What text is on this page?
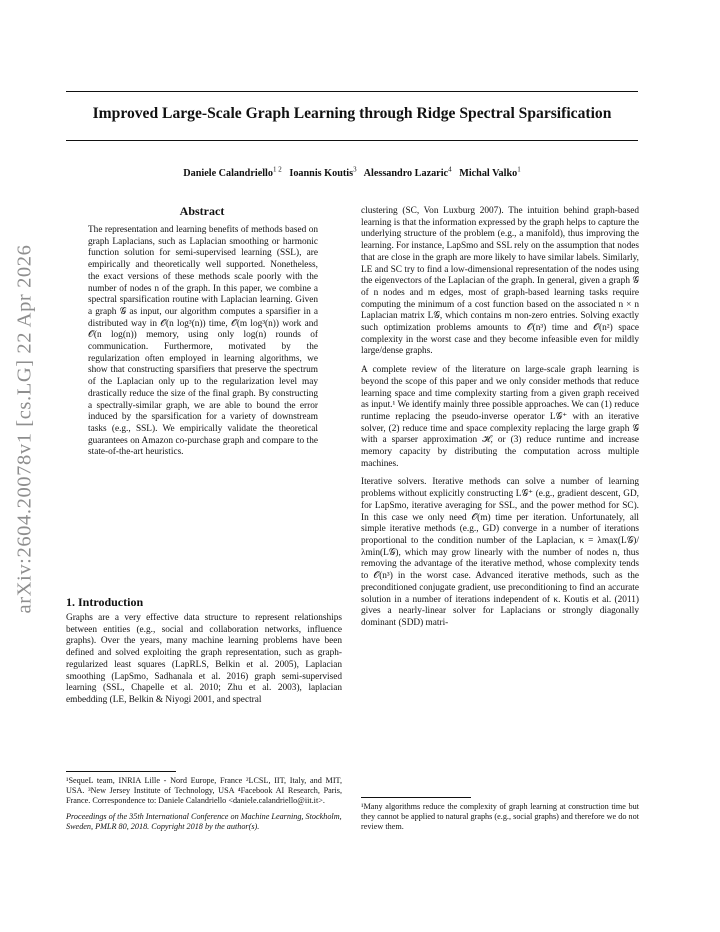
Improved Large-Scale Graph Learning through Ridge Spectral Sparsification
Daniele Calandriello$^{1 2}$ Ioannis Koutis$^3$ Alessandro Lazaric$^4$ Michal Valko$^1$
arXiv:2604.20078v1 [cs.LG] 22 Apr 2026
Abstract
The representation and learning benefits of methods based on graph Laplacians, such as Laplacian smoothing or harmonic function solution for semi-supervised learning (SSL), are empirically and theoretically well supported. Nonetheless, the exact versions of these methods scale poorly with the number of nodes n of the graph. In this paper, we combine a spectral sparsification routine with Laplacian learning. Given a graph 𝒢 as input, our algorithm computes a sparsifier in a distributed way in 𝒪(n log³(n)) time, 𝒪(m log³(n)) work and 𝒪(n log(n)) memory, using only log(n) rounds of communication. Furthermore, motivated by the regularization often employed in learning algorithms, we show that constructing sparsifiers that preserve the spectrum of the Laplacian only up to the regularization level may drastically reduce the size of the final graph. By constructing a spectrally-similar graph, we are able to bound the error induced by the sparsification for a variety of downstream tasks (e.g., SSL). We empirically validate the theoretical guarantees on Amazon co-purchase graph and compare to the state-of-the-art heuristics.
1. Introduction
Graphs are a very effective data structure to represent relationships between entities (e.g., social and collaboration networks, influence graphs). Over the years, many machine learning problems have been defined and solved exploiting the graph representation, such as graph-regularized least squares (LapRLS, Belkin et al. 2005), Laplacian smoothing (LapSmo, Sadhanala et al. 2016) graph semi-supervised learning (SSL, Chapelle et al. 2010; Zhu et al. 2003), laplacian embedding (LE, Belkin & Niyogi 2001, and spectral
¹SequeL team, INRIA Lille - Nord Europe, France ²LCSL, IIT, Italy, and MIT, USA. ³New Jersey Institute of Technology, USA ⁴Facebook AI Research, Paris, France. Correspondence to: Daniele Calandriello <daniele.calandriello@iit.it>.
Proceedings of the 35th International Conference on Machine Learning, Stockholm, Sweden, PMLR 80, 2018. Copyright 2018 by the author(s).

clustering (SC, Von Luxburg 2007). The intuition behind graph-based learning is that the information expressed by the graph helps to capture the underlying structure of the problem (e.g., a manifold), thus improving the learning. For instance, LapSmo and SSL rely on the assumption that nodes that are close in the graph are more likely to have similar labels. Similarly, LE and SC try to find a low-dimensional representation of the nodes using the eigenvectors of the Laplacian of the graph. In general, given a graph 𝒢 of n nodes and m edges, most of graph-based learning tasks require computing the minimum of a cost function based on the associated n × n Laplacian matrix L𝒢, which contains m non-zero entries. Solving exactly such optimization problems amounts to 𝒪(n³) time and 𝒪(n²) space complexity in the worst case and they become infeasible even for mildly large/dense graphs.

A complete review of the literature on large-scale graph learning is beyond the scope of this paper and we only consider methods that reduce learning space and time complexity starting from a given graph received as input.¹ We identify mainly three possible approaches. We can (1) reduce runtime replacing the pseudo-inverse operator L𝒢⁺ with an iterative solver, (2) reduce time and space complexity replacing the large graph 𝒢 with a sparser approximation ℋ, or (3) reduce runtime and increase memory capacity by distributing the computation across multiple machines.

Iterative solvers. Iterative methods can solve a number of learning problems without explicitly constructing L𝒢⁺ (e.g., gradient descent, GD, for LapSmo, iterative averaging for SSL, and the power method for SC). In this case we only need 𝒪(m) time per iteration. Unfortunately, all simple iterative methods (e.g., GD) converge in a number of iterations proportional to the condition number of the Laplacian, κ = λmax(L𝒢)/λmin(L𝒢), which may grow linearly with the number of nodes n, thus removing the advantage of the iterative method, whose complexity tends to 𝒪(n³) in the worst case. Advanced iterative methods, such as the preconditioned conjugate gradient, use preconditioning to find an accurate solution in a number of iterations independent of κ. Koutis et al. (2011) gives a nearly-linear solver for Laplacians or strongly diagonally dominant (SDD) matri-

¹Many algorithms reduce the complexity of graph learning at construction time but they cannot be applied to natural graphs (e.g., social graphs) and therefore we do not review them.
